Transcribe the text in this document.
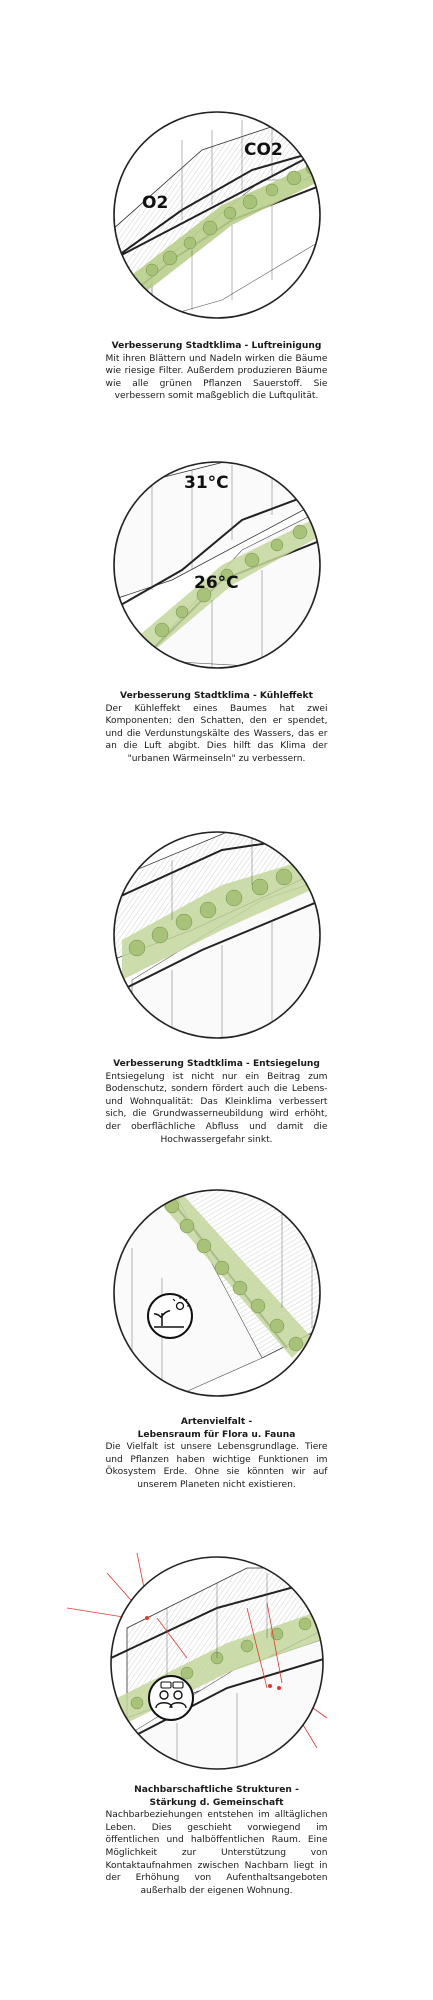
CO2
O2
Verbesserung Stadtklima - Luftreinigung
Mit ihren Blättern und Nadeln wirken die Bäume wie riesige Filter. Außerdem produzieren Bäume wie alle grünen Pflanzen Sauerstoff. Sie verbessern somit maßgeblich die Luftqulität.
31°C
26°C
Verbesserung Stadtklima - Kühleffekt
Der Kühleffekt eines Baumes hat zwei Komponenten: den Schatten, den er spendet, und die Verdunstungskälte des Wassers, das er an die Luft abgibt. Dies hilft das Klima der "urbanen Wärmeinseln" zu verbessern.
Verbesserung Stadtklima - Entsiegelung
Entsiegelung ist nicht nur ein Beitrag zum Bodenschutz, sondern fördert auch die Lebens- und Wohnqualität: Das Kleinklima verbessert sich, die Grundwasserneubildung wird erhöht, der oberflächliche Abfluss und damit die Hochwassergefahr sinkt.
Artenvielfalt -
Lebensraum für Flora u. Fauna
Die Vielfalt ist unsere Lebensgrundlage. Tiere und Pflanzen haben wichtige Funktionen im Ökosystem Erde. Ohne sie könnten wir auf unserem Planeten nicht existieren.
Nachbarschaftliche Strukturen -
Stärkung d. Gemeinschaft
Nachbarbeziehungen entstehen im alltäglichen Leben. Dies geschieht vorwiegend im öffentlichen und halböffentlichen Raum. Eine Möglichkeit zur Unterstützung von Kontaktaufnahmen zwischen Nachbarn liegt in der Erhöhung von Aufenthaltsangeboten außerhalb der eigenen Wohnung.
